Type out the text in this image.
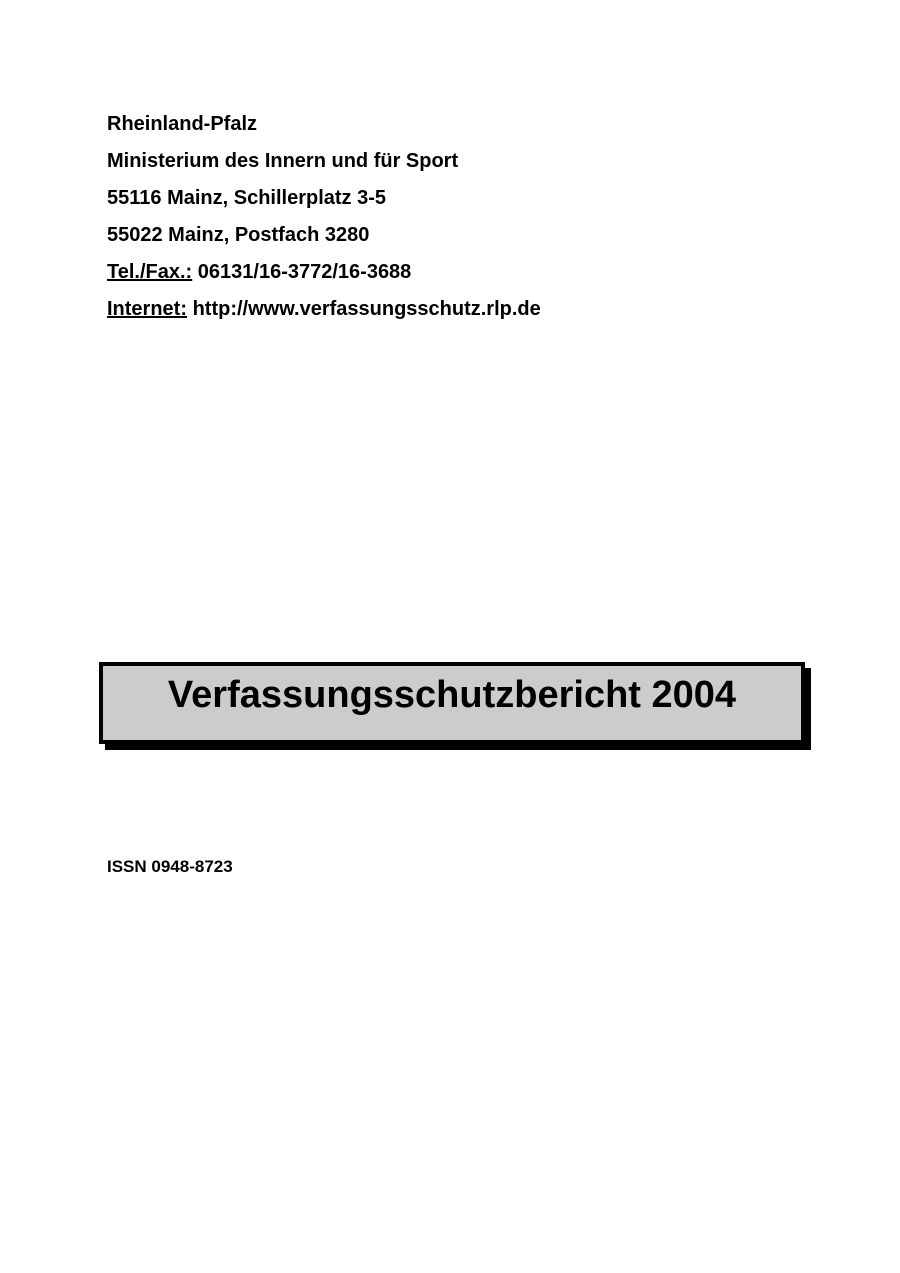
Rheinland-Pfalz
Ministerium des Innern und für Sport
55116 Mainz, Schillerplatz 3-5
55022 Mainz, Postfach 3280
Tel./Fax.: 06131/16-3772/16-3688
Internet: http://www.verfassungsschutz.rlp.de
Verfassungsschutzbericht 2004
ISSN 0948-8723
